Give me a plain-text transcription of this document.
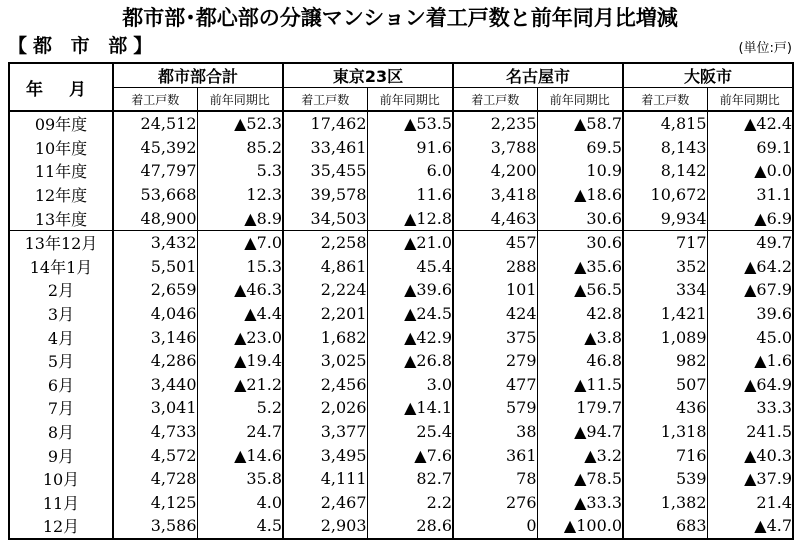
都市部･都心部の分譲マンション着工戸数と前年同月比増減
【都 市 部】	(単位:戸)
年 月	都市部合計		東京23区		名古屋市		大阪市	
	着工戸数	前年同期比	着工戸数	前年同期比	着工戸数	前年同期比	着工戸数	前年同期比
09年度	24,512	▲52.3	17,462	▲53.5	2,235	▲58.7	4,815	▲42.4
10年度	45,392	85.2	33,461	91.6	3,788	69.5	8,143	69.1
11年度	47,797	5.3	35,455	6.0	4,200	10.9	8,142	▲0.0
12年度	53,668	12.3	39,578	11.6	3,418	▲18.6	10,672	31.1
13年度	48,900	▲8.9	34,503	▲12.8	4,463	30.6	9,934	▲6.9
13年12月	3,432	▲7.0	2,258	▲21.0	457	30.6	717	49.7
14年1月	5,501	15.3	4,861	45.4	288	▲35.6	352	▲64.2
2月	2,659	▲46.3	2,224	▲39.6	101	▲56.5	334	▲67.9
3月	4,046	▲4.4	2,201	▲24.5	424	42.8	1,421	39.6
4月	3,146	▲23.0	1,682	▲42.9	375	▲3.8	1,089	45.0
5月	4,286	▲19.4	3,025	▲26.8	279	46.8	982	▲1.6
6月	3,440	▲21.2	2,456	3.0	477	▲11.5	507	▲64.9
7月	3,041	5.2	2,026	▲14.1	579	179.7	436	33.3
8月	4,733	24.7	3,377	25.4	38	▲94.7	1,318	241.5
9月	4,572	▲14.6	3,495	▲7.6	361	▲3.2	716	▲40.3
10月	4,728	35.8	4,111	82.7	78	▲78.5	539	▲37.9
11月	4,125	4.0	2,467	2.2	276	▲33.3	1,382	21.4
12月	3,586	4.5	2,903	28.6	0	▲100.0	683	▲4.7
